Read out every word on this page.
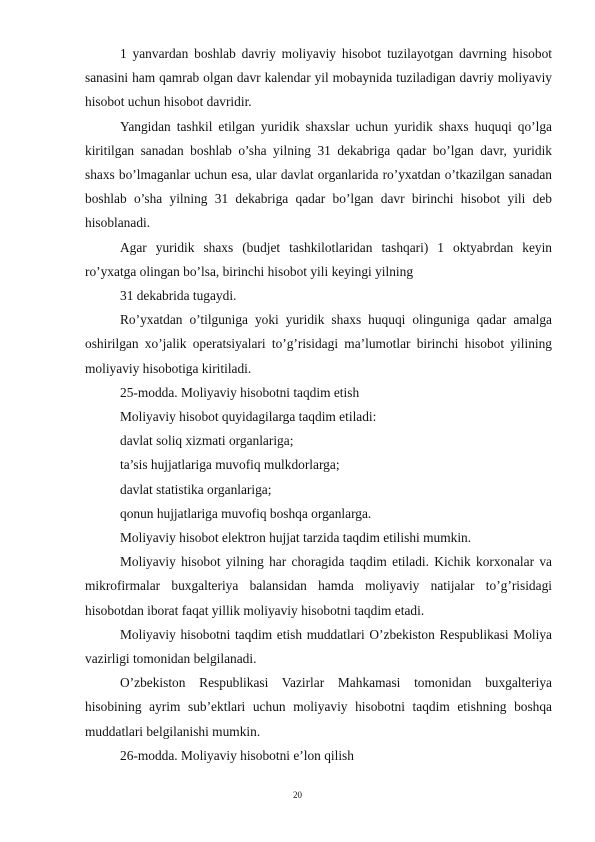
1 yanvardan boshlab davriy moliyaviy hisobot tuzilayotgan davrning hisobot sanasini ham qamrab olgan davr kalendar yil mobaynida tuziladigan davriy moliyaviy hisobot uchun hisobot davridir.

Yangidan tashkil etilgan yuridik shaxslar uchun yuridik shaxs huquqi qo’lga kiritilgan sanadan boshlab o’sha yilning 31 dekabriga qadar bo’lgan davr, yuridik shaxs bo’lmaganlar uchun esa, ular davlat organlarida ro’yxatdan o’tkazilgan sanadan boshlab o’sha yilning 31 dekabriga qadar bo’lgan davr birinchi hisobot yili deb hisoblanadi.

Agar yuridik shaxs (budjet tashkilotlaridan tashqari) 1 oktyabrdan keyin ro’yxatga olingan bo’lsa, birinchi hisobot yili keyingi yilning

31 dekabrida tugaydi.

Ro’yxatdan o’tilguniga yoki yuridik shaxs huquqi olinguniga qadar amalga oshirilgan xo’jalik operatsiyalari to’g’risidagi ma’lumotlar birinchi hisobot yilining moliyaviy hisobotiga kiritiladi.

25-modda. Moliyaviy hisobotni taqdim etish

Moliyaviy hisobot quyidagilarga taqdim etiladi:

davlat soliq xizmati organlariga;

ta’sis hujjatlariga muvofiq mulkdorlarga;

davlat statistika organlariga;

qonun hujjatlariga muvofiq boshqa organlarga.

Moliyaviy hisobot elektron hujjat tarzida taqdim etilishi mumkin.

Moliyaviy hisobot yilning har choragida taqdim etiladi. Kichik korxonalar va mikrofirmalar buxgalteriya balansidan hamda moliyaviy natijalar to’g’risidagi hisobotdan iborat faqat yillik moliyaviy hisobotni taqdim etadi.

Moliyaviy hisobotni taqdim etish muddatlari O’zbekiston Respublikasi Moliya vazirligi tomonidan belgilanadi.

O’zbekiston Respublikasi Vazirlar Mahkamasi tomonidan buxgalteriya hisobining ayrim sub’ektlari uchun moliyaviy hisobotni taqdim etishning boshqa muddatlari belgilanishi mumkin.

26-modda. Moliyaviy hisobotni e’lon qilish

20
